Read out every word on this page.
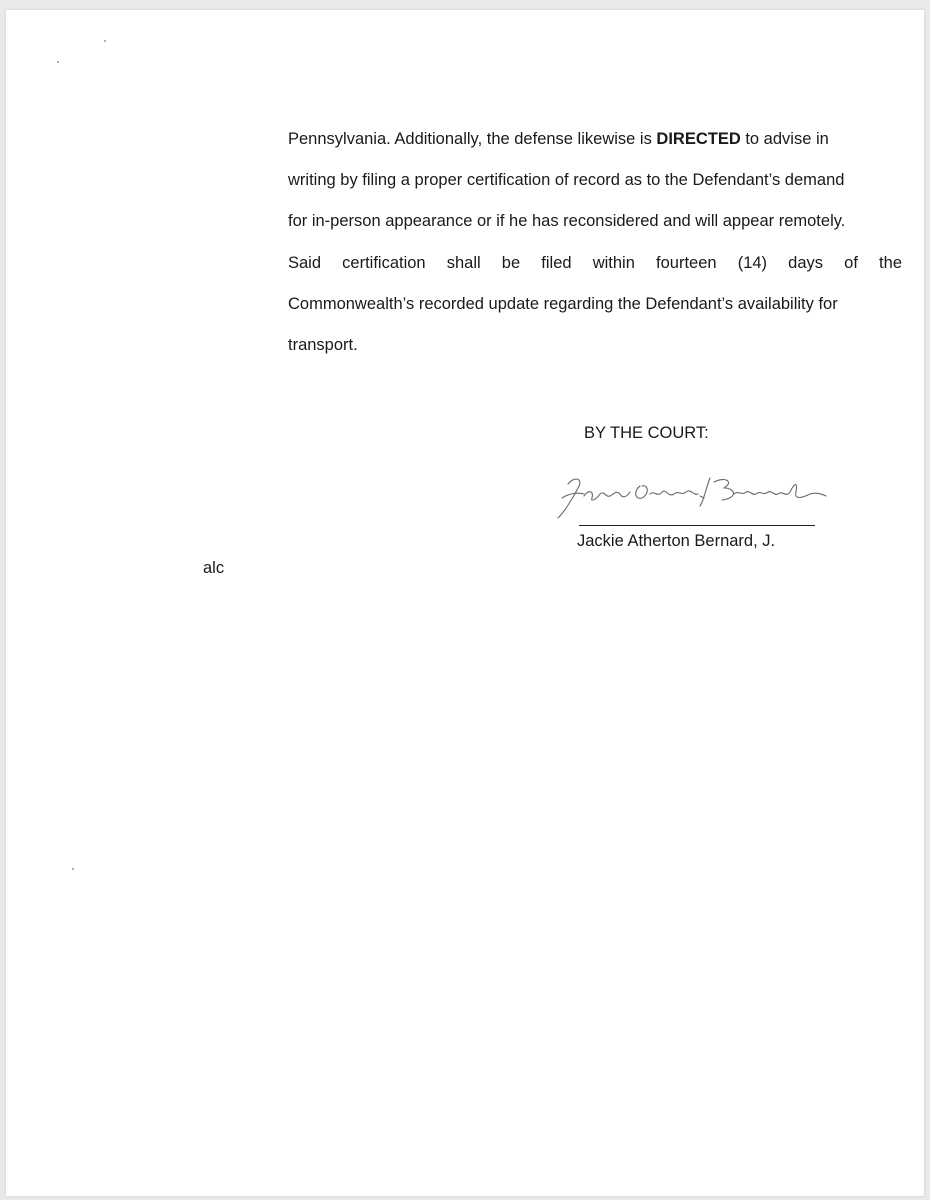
Pennsylvania. Additionally, the defense likewise is DIRECTED to advise in
writing by filing a proper certification of record as to the Defendant’s demand
for in-person appearance or if he has reconsidered and will appear remotely.
Said certification shall be filed within fourteen (14) days of the
Commonwealth’s recorded update regarding the Defendant’s availability for
transport.
BY THE COURT:
Jackie Atherton Bernard, J.
alc
